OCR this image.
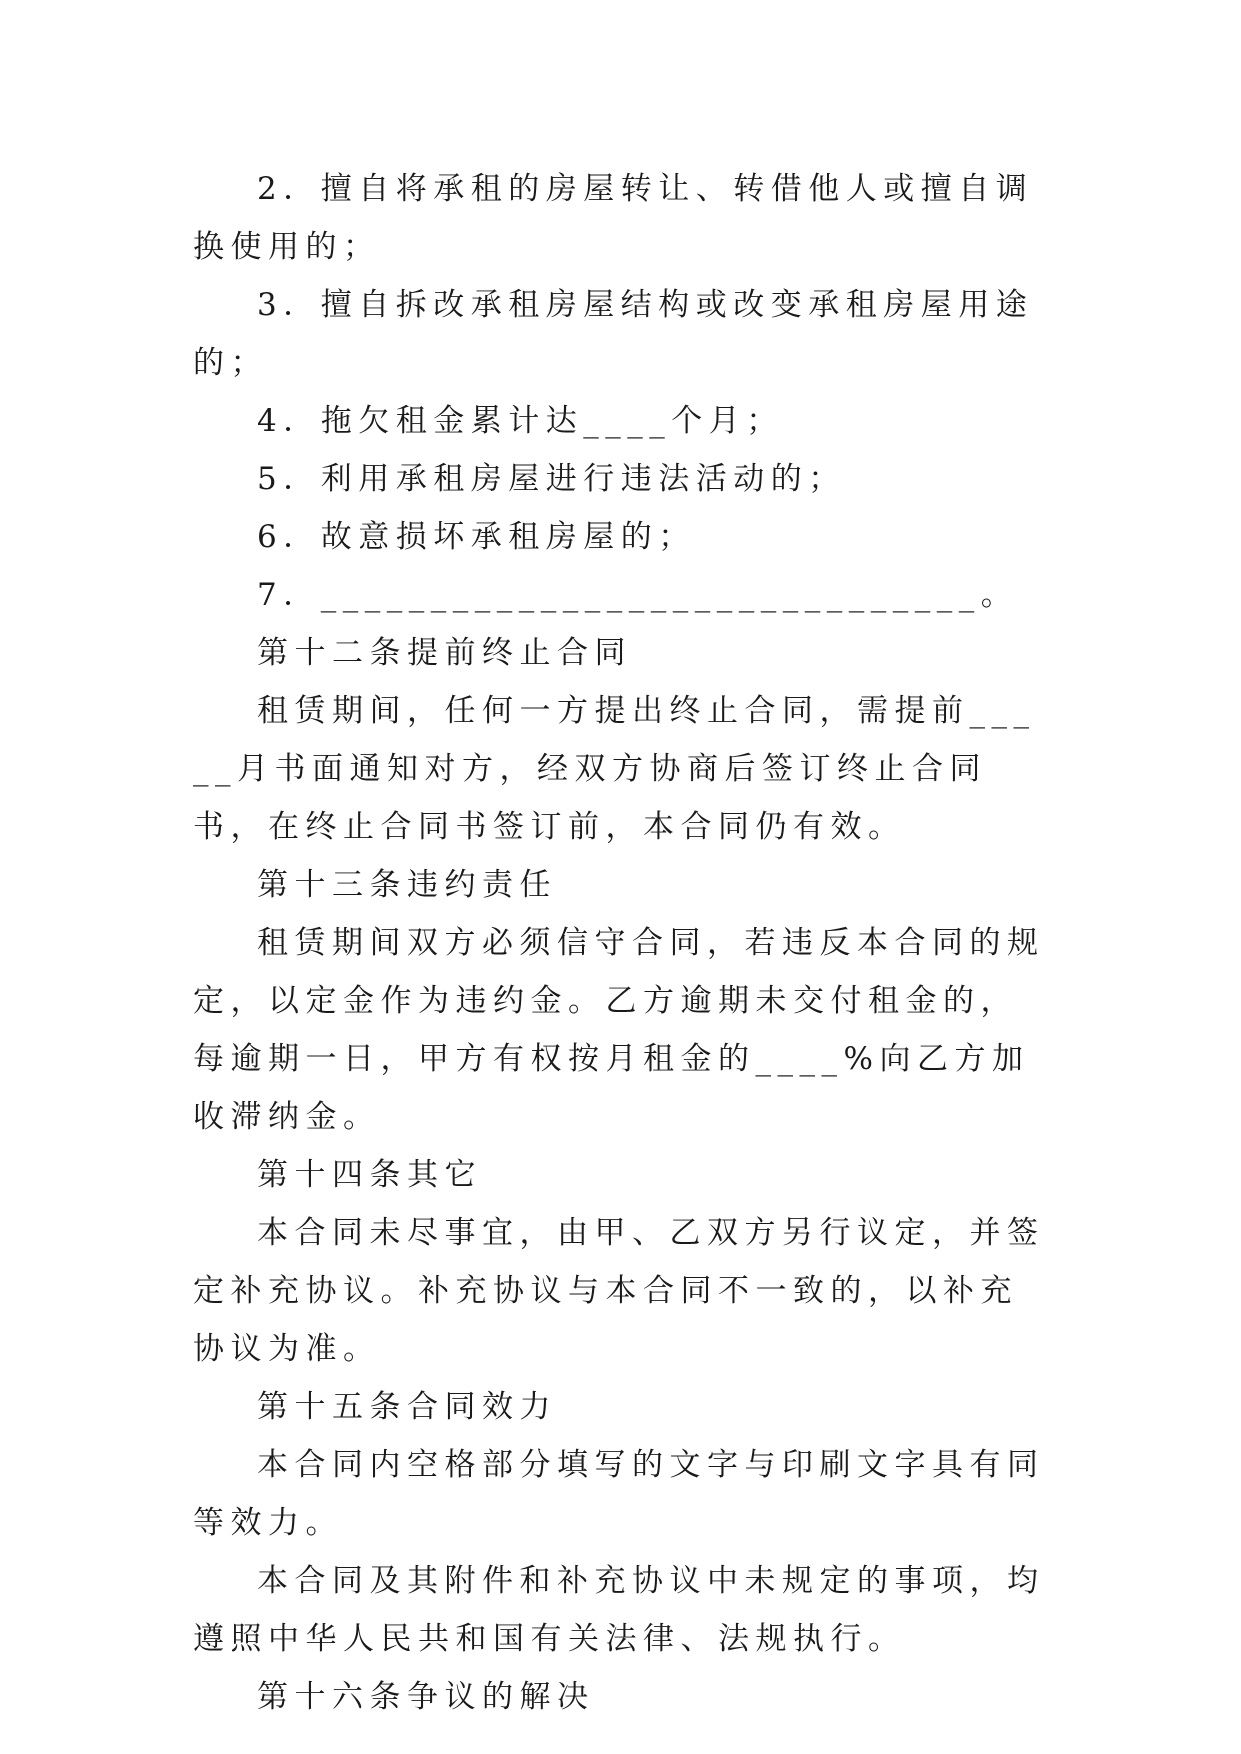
2．擅自将承租的房屋转让、转借他人或擅自调换使用的；

3．擅自拆改承租房屋结构或改变承租房屋用途的；

4．拖欠租金累计达____个月；

5．利用承租房屋进行违法活动的；

6．故意损坏承租房屋的；

7．______________________________。

第十二条提前终止合同

租赁期间，任何一方提出终止合同，需提前_____月书面通知对方，经双方协商后签订终止合同书，在终止合同书签订前，本合同仍有效。

第十三条违约责任

租赁期间双方必须信守合同，若违反本合同的规定，以定金作为违约金。乙方逾期未交付租金的，每逾期一日，甲方有权按月租金的____%向乙方加收滞纳金。

第十四条其它

本合同未尽事宜，由甲、乙双方另行议定，并签定补充协议。补充协议与本合同不一致的，以补充协议为准。

第十五条合同效力

本合同内空格部分填写的文字与印刷文字具有同等效力。

本合同及其附件和补充协议中未规定的事项，均遵照中华人民共和国有关法律、法规执行。

第十六条争议的解决
